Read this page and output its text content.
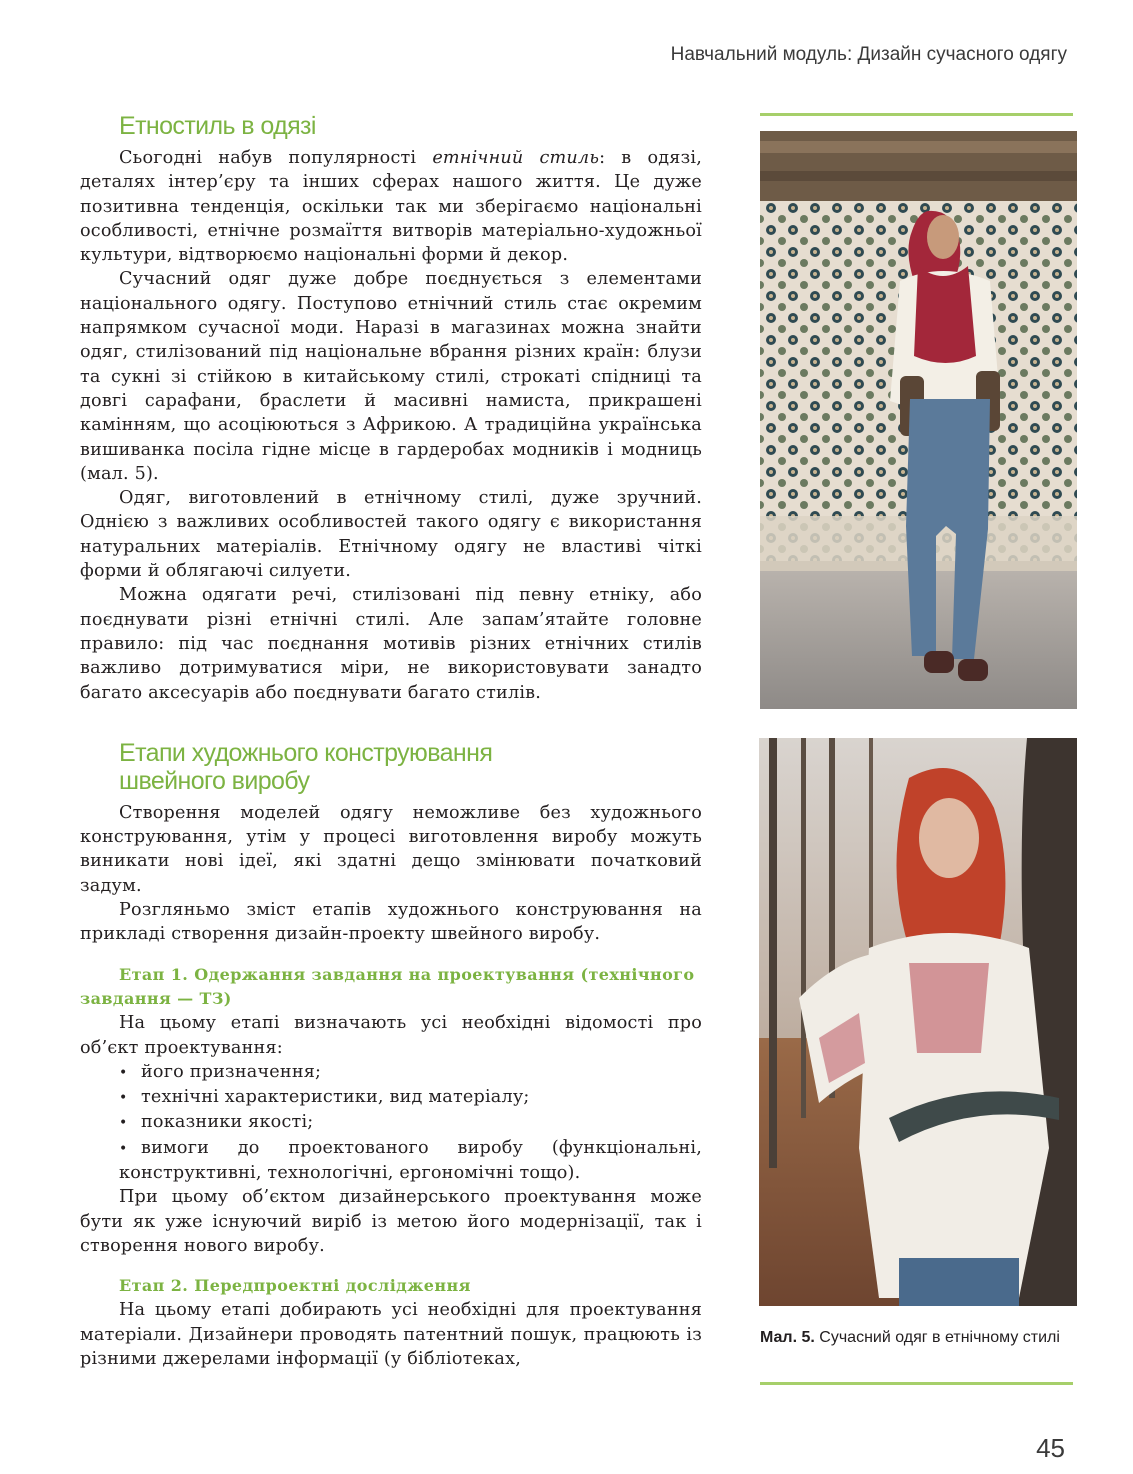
Навчальний модуль: Дизайн сучасного одягу
Етностиль в одязі

Сьогодні набув популярності етнічний стиль: в одязі, деталях інтер’єру та інших сферах нашого життя. Це дуже позитивна тенденція, оскільки так ми зберігаємо національні особливості, етнічне розмаїття витворів матеріально-художньої культури, відтворюємо національні форми й декор.

Сучасний одяг дуже добре поєднується з елементами національного одягу. Поступово етнічний стиль стає окремим напрямком сучасної моди. Наразі в магазинах можна знайти одяг, стилізований під національне вбрання різних країн: блузи та сукні зі стійкою в китайському стилі, строкаті спідниці та довгі сарафани, браслети й масивні намиста, прикрашені камінням, що асоціюються з Африкою. А традиційна українська вишиванка посіла гідне місце в гардеробах модників і модниць (мал. 5).

Одяг, виготовлений в етнічному стилі, дуже зручний. Однією з важливих особливостей такого одягу є використання натуральних матеріалів. Етнічному одягу не властиві чіткі форми й облягаючі силуети.

Можна одягати речі, стилізовані під певну етніку, або поєднувати різні етнічні стилі. Але запам’ятайте головне правило: під час поєднання мотивів різних етнічних стилів важливо дотримуватися міри, не використовувати занадто багато аксесуарів або поєднувати багато стилів.

Етапи художнього конструювання
швейного виробу

Створення моделей одягу неможливе без художнього конструювання, утім у процесі виготовлення виробу можуть виникати нові ідеї, які здатні дещо змінювати початковий задум.

Розгляньмо зміст етапів художнього конструювання на прикладі створення дизайн-проекту швейного виробу.

Етап 1. Одержання завдання на проектування (технічного завдання — ТЗ)

На цьому етапі визначають усі необхідні відомості про об’єкт проектування:

• його призначення;
• технічні характеристики, вид матеріалу;
• показники якості;
• вимоги до проектованого виробу (функціональні, конструктивні, технологічні, ергономічні тощо).

При цьому об’єктом дизайнерського проектування може бути як уже існуючий виріб із метою його модернізації, так і створення нового виробу.

Етап 2. Передпроектні дослідження

На цьому етапі добирають усі необхідні для проектування матеріали. Дизайнери проводять патентний пошук, працюють із різними джерелами інформації (у бібліотеках,

Мал. 5. Сучасний одяг в етнічному стилі
45
